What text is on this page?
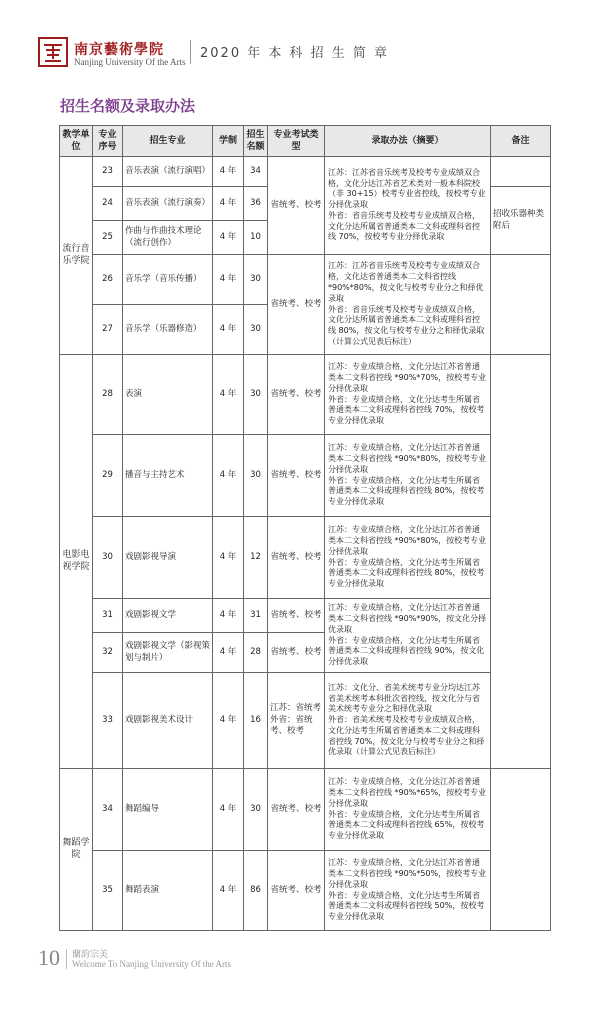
南京藝術學院
Nanjing University Of the Arts
2020 年 本 科 招 生 简 章
招生名额及录取办法
教学单位	专业序号	招生专业	学制	招生名额	专业考试类型	录取办法（摘要）	备注
流行音乐学院	23	音乐表演（流行演唱）	4 年	34	省统考、校考	江苏：江苏省音乐统考及校考专业成绩双合格，文化分达江苏省艺术类对一般本科院校（非 30+15）校考专业省控线，按校考专业分择优录取
外省：省音乐统考及校考专业成绩双合格，文化分达所属省普通类本二文科或理科省控线 70%，按校考专业分择优录取	
	24	音乐表演（流行演奏）	4 年	36			招收乐器种类附后
	25	作曲与作曲技术理论（流行创作）	4 年	10			
	26	音乐学（音乐传播）	4 年	30	省统考、校考	江苏：江苏省音乐统考及校考专业成绩双合格，文化达省普通类本二文科省控线 *90%*80%，按文化与校考专业分之和择优录取
外省：省音乐统考及校考专业成绩双合格，文化分达所属省普通类本二文科或理科省控线 80%，按文化与校考专业分之和择优录取（计算公式见表后标注）	
	27	音乐学（乐器修造）	4 年	30			
电影电视学院	28	表演	4 年	30	省统考、校考	江苏：专业成绩合格，文化分达江苏省普通类本二文科省控线 *90%*70%，按校考专业分择优录取
外省：专业成绩合格，文化分达考生所属省普通类本二文科或理科省控线 70%，按校考专业分择优录取	
	29	播音与主持艺术	4 年	30	省统考、校考	江苏：专业成绩合格，文化分达江苏省普通类本二文科省控线 *90%*80%，按校考专业分择优录取
外省：专业成绩合格，文化分达考生所属省普通类本二文科或理科省控线 80%，按校考专业分择优录取	
	30	戏剧影视导演	4 年	12	省统考、校考	江苏：专业成绩合格，文化分达江苏省普通类本二文科省控线 *90%*80%，按校考专业分择优录取
外省：专业成绩合格，文化分达考生所属省普通类本二文科或理科省控线 80%，按校考专业分择优录取	
	31	戏剧影视文学	4 年	31	省统考、校考	江苏：专业成绩合格，文化分达江苏省普通类本二文科省控线 *90%*90%，按文化分择优录取
外省：专业成绩合格，文化分达考生所属省普通类本二文科或理科省控线 90%，按文化分择优录取	
	32	戏剧影视文学（影视策划与制片）	4 年	28	省统考、校考		
	33	戏剧影视美术设计	4 年	16	江苏：省统考外省：省统考、校考	江苏：文化分、省美术统考专业分均达江苏省美术统考本科批次省控线，按文化分与省美术统考专业分之和择优录取
外省：省美术统考及校考专业成绩双合格，文化分达考生所属省普通类本二文科或理科省控线 70%，按文化分与校考专业分之和择优录取（计算公式见表后标注）	
舞蹈学院	34	舞蹈编导	4 年	30	省统考、校考	江苏：专业成绩合格，文化分达江苏省普通类本二文科省控线 *90%*65%，按校考专业分择优录取
外省：专业成绩合格，文化分达考生所属省普通类本二文科或理科省控线 65%，按校考专业分择优录取	
	35	舞蹈表演	4 年	86	省统考、校考	江苏：专业成绩合格，文化分达江苏省普通类本二文科省控线 *90%*50%，按校考专业分择优录取
外省：专业成绩合格，文化分达考生所属省普通类本二文科或理科省控线 50%，按校考专业分择优录取	
10 蘭韵宗美
Welcome To Nanjing University Of the Arts
